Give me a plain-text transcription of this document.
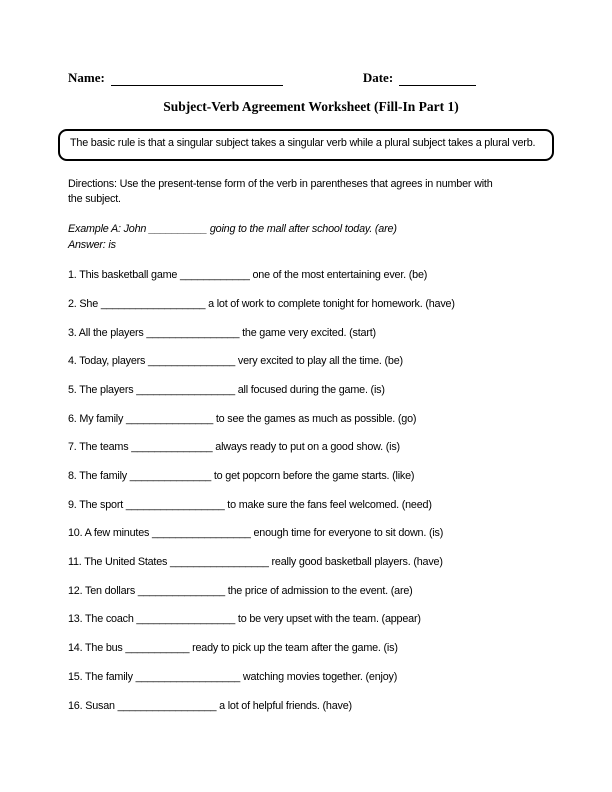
Name:	Date:
Subject-Verb Agreement Worksheet (Fill-In Part 1)
The basic rule is that a singular subject takes a singular verb while a plural subject takes a plural verb.
Directions: Use the present-tense form of the verb in parentheses that agrees in number with the subject.
Example A: John __________ going to the mall after school today. (are)
Answer: is
1. This basketball game ____________ one of the most entertaining ever. (be)
2. She __________________ a lot of work to complete tonight for homework. (have)
3. All the players ________________ the game very excited. (start)
4. Today, players _______________ very excited to play all the time. (be)
5. The players _________________ all focused during the game. (is)
6. My family _______________ to see the games as much as possible. (go)
7. The teams ______________ always ready to put on a good show. (is)
8. The family ______________ to get popcorn before the game starts. (like)
9. The sport _________________ to make sure the fans feel welcomed. (need)
10. A few minutes _________________ enough time for everyone to sit down. (is)
11. The United States _________________ really good basketball players. (have)
12. Ten dollars _______________ the price of admission to the event. (are)
13. The coach _________________ to be very upset with the team. (appear)
14. The bus ___________ ready to pick up the team after the game. (is)
15. The family __________________ watching movies together. (enjoy)
16. Susan _________________ a lot of helpful friends. (have)
